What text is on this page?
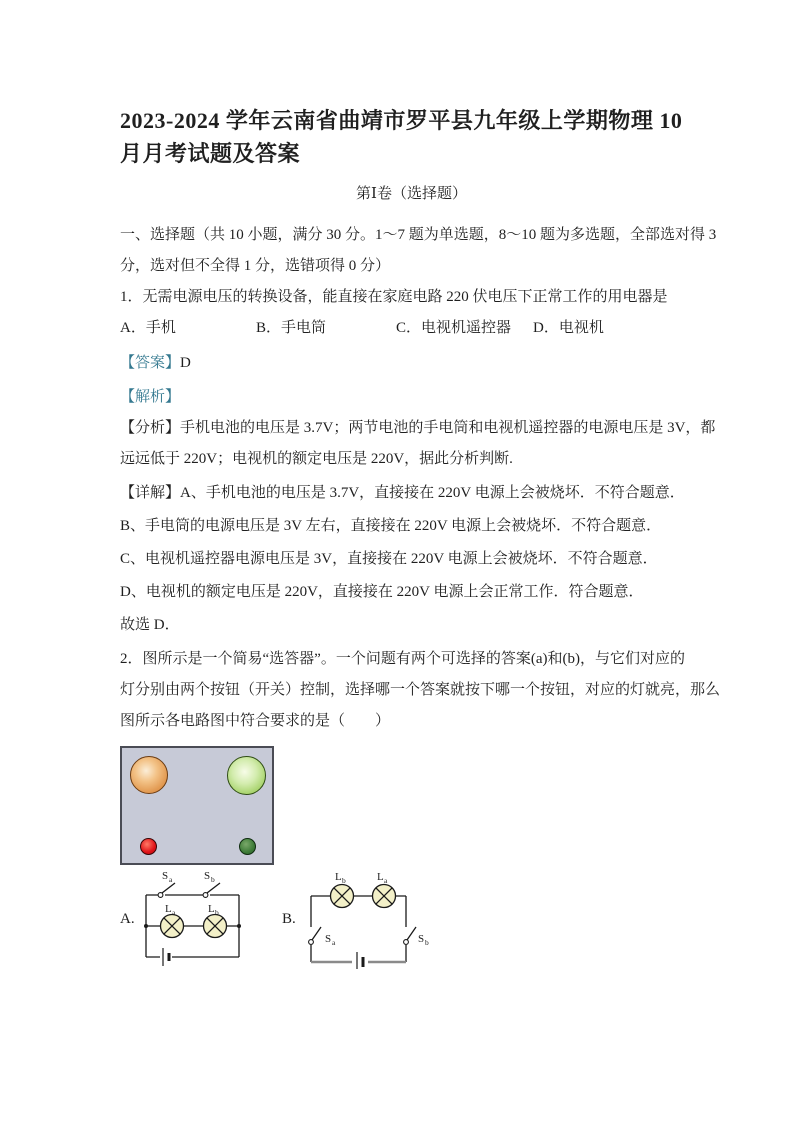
2023-2024 学年云南省曲靖市罗平县九年级上学期物理 10
月月考试题及答案
第Ⅰ卷（选择题）
一、选择题（共 10 小题，满分 30 分。1～7 题为单选题，8～10 题为多选题，全部选对得 3
分，选对但不全得 1 分，选错项得 0 分）
1．无需电源电压的转换设备，能直接在家庭电路 220 伏电压下正常工作的用电器是
A．手机	B．手电筒	C．电视机遥控器	D．电视机
【答案】D
【解析】
【分析】手机电池的电压是 3.7V；两节电池的手电筒和电视机遥控器的电源电压是 3V，都
远远低于 220V；电视机的额定电压是 220V，据此分析判断.
【详解】A、手机电池的电压是 3.7V，直接接在 220V 电源上会被烧坏．不符合题意．
B、手电筒的电源电压是 3V 左右，直接接在 220V 电源上会被烧坏．不符合题意．
C、电视机遥控器电源电压是 3V，直接接在 220V 电源上会被烧坏．不符合题意．
D、电视机的额定电压是 220V，直接接在 220V 电源上会正常工作．符合题意．
故选 D．
2．图所示是一个简易“选答器”。一个问题有两个可选择的答案(a)和(b)，与它们对应的
灯分别由两个按钮（开关）控制，选择哪一个答案就按下哪一个按钮，对应的灯就亮，那么
图所示各电路图中符合要求的是（　　）
A.
S a	S b
L a	L b	B.
L b	L a
S a	S b
